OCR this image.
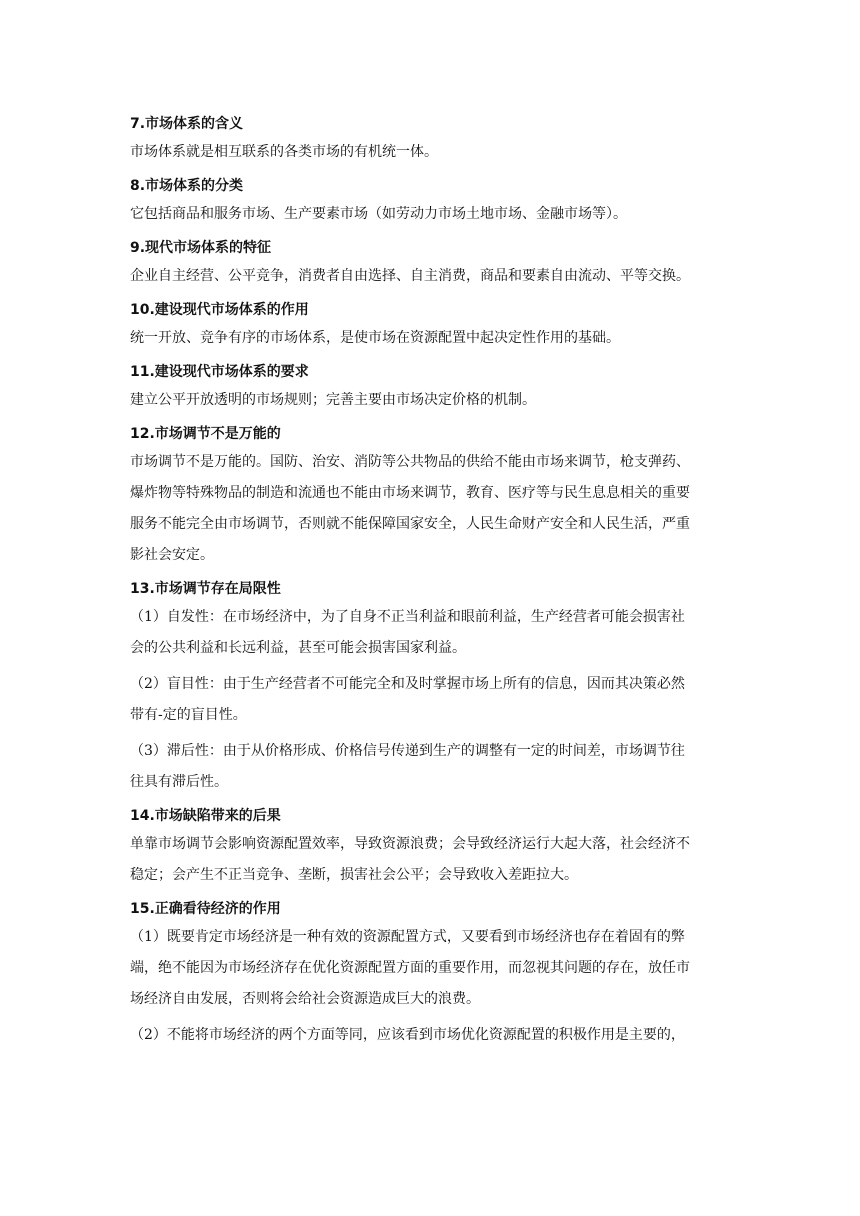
7.市场体系的含义
市场体系就是相互联系的各类市场的有机统一体。
8.市场体系的分类
它包括商品和服务市场、生产要素市场（如劳动力市场土地市场、金融市场等）。
9.现代市场体系的特征
企业自主经营、公平竞争，消费者自由选择、自主消费，商品和要素自由流动、平等交换。
10.建设现代市场体系的作用
统一开放、竞争有序的市场体系，是使市场在资源配置中起决定性作用的基础。
11.建设现代市场体系的要求
建立公平开放透明的市场规则；完善主要由市场决定价格的机制。
12.市场调节不是万能的
市场调节不是万能的。国防、治安、消防等公共物品的供给不能由市场来调节，枪支弹药、
爆炸物等特殊物品的制造和流通也不能由市场来调节，教育、医疗等与民生息息相关的重要
服务不能完全由市场调节，否则就不能保障国家安全，人民生命财产安全和人民生活，严重
影社会安定。
13.市场调节存在局限性
（1）自发性：在市场经济中，为了自身不正当利益和眼前利益，生产经营者可能会损害社
会的公共利益和长远利益，甚至可能会损害国家利益。
（2）盲目性：由于生产经营者不可能完全和及时掌握市场上所有的信息，因而其决策必然
带有-定的盲目性。
（3）滞后性：由于从价格形成、价格信号传递到生产的调整有一定的时间差，市场调节往
往具有滞后性。
14.市场缺陷带来的后果
单靠市场调节会影响资源配置效率，导致资源浪费；会导致经济运行大起大落，社会经济不
稳定；会产生不正当竞争、垄断，损害社会公平；会导致收入差距拉大。
15.正确看待经济的作用
（1）既要肯定市场经济是一种有效的资源配置方式，又要看到市场经济也存在着固有的弊
端，绝不能因为市场经济存在优化资源配置方面的重要作用，而忽视其问题的存在，放任市
场经济自由发展，否则将会给社会资源造成巨大的浪费。
（2）不能将市场经济的两个方面等同，应该看到市场优化资源配置的积极作用是主要的，
